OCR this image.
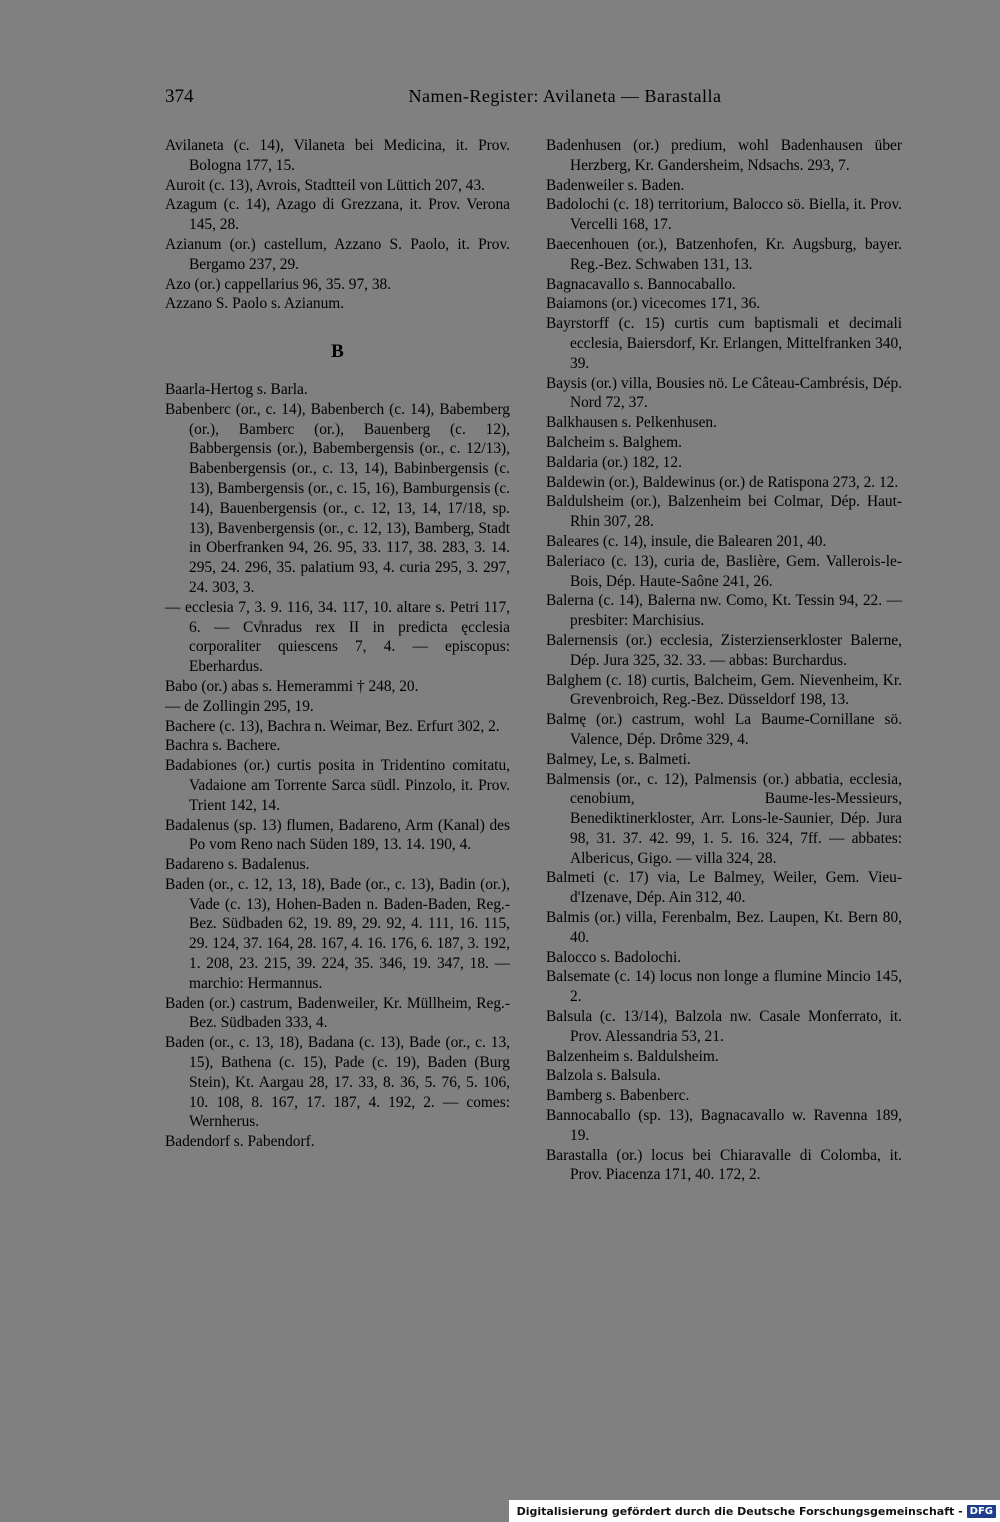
374	Namen-Register: Avilaneta — Barastalla

Avilaneta (c. 14), Vilaneta bei Medicina, it. Prov. Bologna 177, 15.

Auroit (c. 13), Avrois, Stadtteil von Lüttich 207, 43.

Azagum (c. 14), Azago di Grezzana, it. Prov. Verona 145, 28.

Azianum (or.) castellum, Azzano S. Paolo, it. Prov. Bergamo 237, 29.

Azo (or.) cappellarius 96, 35. 97, 38.

Azzano S. Paolo s. Azianum.

B

Baarla-Hertog s. Barla.

Babenberc (or., c. 14), Babenberch (c. 14), Babemberg (or.), Bamberc (or.), Bauenberg (c. 12), Babbergensis (or.), Babembergensis (or., c. 12/13), Babenbergensis (or., c. 13, 14), Babinbergensis (c. 13), Bambergensis (or., c. 15, 16), Bamburgensis (c. 14), Bauenbergensis (or., c. 12, 13, 14, 17/18, sp. 13), Bavenbergensis (or., c. 12, 13), Bamberg, Stadt in Oberfranken 94, 26. 95, 33. 117, 38. 283, 3. 14. 295, 24. 296, 35. palatium 93, 4. curia 295, 3. 297, 24. 303, 3.

— ecclesia 7, 3. 9. 116, 34. 117, 10. altare s. Petri 117, 6. — Cv̊nradus rex II in predicta ęcclesia corporaliter quiescens 7, 4. — episcopus: Eberhardus.

Babo (or.) abas s. Hemerammi † 248, 20.

— de Zollingin 295, 19.

Bachere (c. 13), Bachra n. Weimar, Bez. Erfurt 302, 2.

Bachra s. Bachere.

Badabiones (or.) curtis posita in Tridentino comitatu, Vadaione am Torrente Sarca südl. Pinzolo, it. Prov. Trient 142, 14.

Badalenus (sp. 13) flumen, Badareno, Arm (Kanal) des Po vom Reno nach Süden 189, 13. 14. 190, 4.

Badareno s. Badalenus.

Baden (or., c. 12, 13, 18), Bade (or., c. 13), Badin (or.), Vade (c. 13), Hohen-Baden n. Baden-Baden, Reg.-Bez. Südbaden 62, 19. 89, 29. 92, 4. 111, 16. 115, 29. 124, 37. 164, 28. 167, 4. 16. 176, 6. 187, 3. 192, 1. 208, 23. 215, 39. 224, 35. 346, 19. 347, 18. — marchio: Hermannus.

Baden (or.) castrum, Badenweiler, Kr. Müllheim, Reg.-Bez. Südbaden 333, 4.

Baden (or., c. 13, 18), Badana (c. 13), Bade (or., c. 13, 15), Bathena (c. 15), Pade (c. 19), Baden (Burg Stein), Kt. Aargau 28, 17. 33, 8. 36, 5. 76, 5. 106, 10. 108, 8. 167, 17. 187, 4. 192, 2. — comes: Wernherus.

Badendorf s. Pabendorf.

Badenhusen (or.) predium, wohl Badenhausen über Herzberg, Kr. Gandersheim, Ndsachs. 293, 7.

Badenweiler s. Baden.

Badolochi (c. 18) territorium, Balocco sö. Biella, it. Prov. Vercelli 168, 17.

Baecenhouen (or.), Batzenhofen, Kr. Augsburg, bayer. Reg.-Bez. Schwaben 131, 13.

Bagnacavallo s. Bannocaballo.

Baiamons (or.) vicecomes 171, 36.

Bayrstorff (c. 15) curtis cum baptismali et decimali ecclesia, Baiersdorf, Kr. Erlangen, Mittelfranken 340, 39.

Baysis (or.) villa, Bousies nö. Le Câteau-Cambrésis, Dép. Nord 72, 37.

Balkhausen s. Pelkenhusen.

Balcheim s. Balghem.

Baldaria (or.) 182, 12.

Baldewin (or.), Baldewinus (or.) de Ratispona 273, 2. 12.

Baldulsheim (or.), Balzenheim bei Colmar, Dép. Haut-Rhin 307, 28.

Baleares (c. 14), insule, die Balearen 201, 40.

Baleriaco (c. 13), curia de, Baslière, Gem. Vallerois-le-Bois, Dép. Haute-Saône 241, 26.

Balerna (c. 14), Balerna nw. Como, Kt. Tessin 94, 22. — presbiter: Marchisius.

Balernensis (or.) ecclesia, Zisterzienserkloster Balerne, Dép. Jura 325, 32. 33. — abbas: Burchardus.

Balghem (c. 18) curtis, Balcheim, Gem. Nievenheim, Kr. Grevenbroich, Reg.-Bez. Düsseldorf 198, 13.

Balmę (or.) castrum, wohl La Baume-Cornillane sö. Valence, Dép. Drôme 329, 4.

Balmey, Le, s. Balmeti.

Balmensis (or., c. 12), Palmensis (or.) abbatia, ecclesia, cenobium, Baume-les-Messieurs, Benediktinerkloster, Arr. Lons-le-Saunier, Dép. Jura 98, 31. 37. 42. 99, 1. 5. 16. 324, 7ff. — abbates: Albericus, Gigo. — villa 324, 28.

Balmeti (c. 17) via, Le Balmey, Weiler, Gem. Vieu-d'Izenave, Dép. Ain 312, 40.

Balmis (or.) villa, Ferenbalm, Bez. Laupen, Kt. Bern 80, 40.

Balocco s. Badolochi.

Balsemate (c. 14) locus non longe a flumine Mincio 145, 2.

Balsula (c. 13/14), Balzola nw. Casale Monferrato, it. Prov. Alessandria 53, 21.

Balzenheim s. Baldulsheim.

Balzola s. Balsula.

Bamberg s. Babenberc.

Bannocaballo (sp. 13), Bagnacavallo w. Ravenna 189, 19.

Barastalla (or.) locus bei Chiaravalle di Colomba, it. Prov. Piacenza 171, 40. 172, 2.

Digitalisierung gefördert durch die Deutsche Forschungsgemeinschaft - DFG
